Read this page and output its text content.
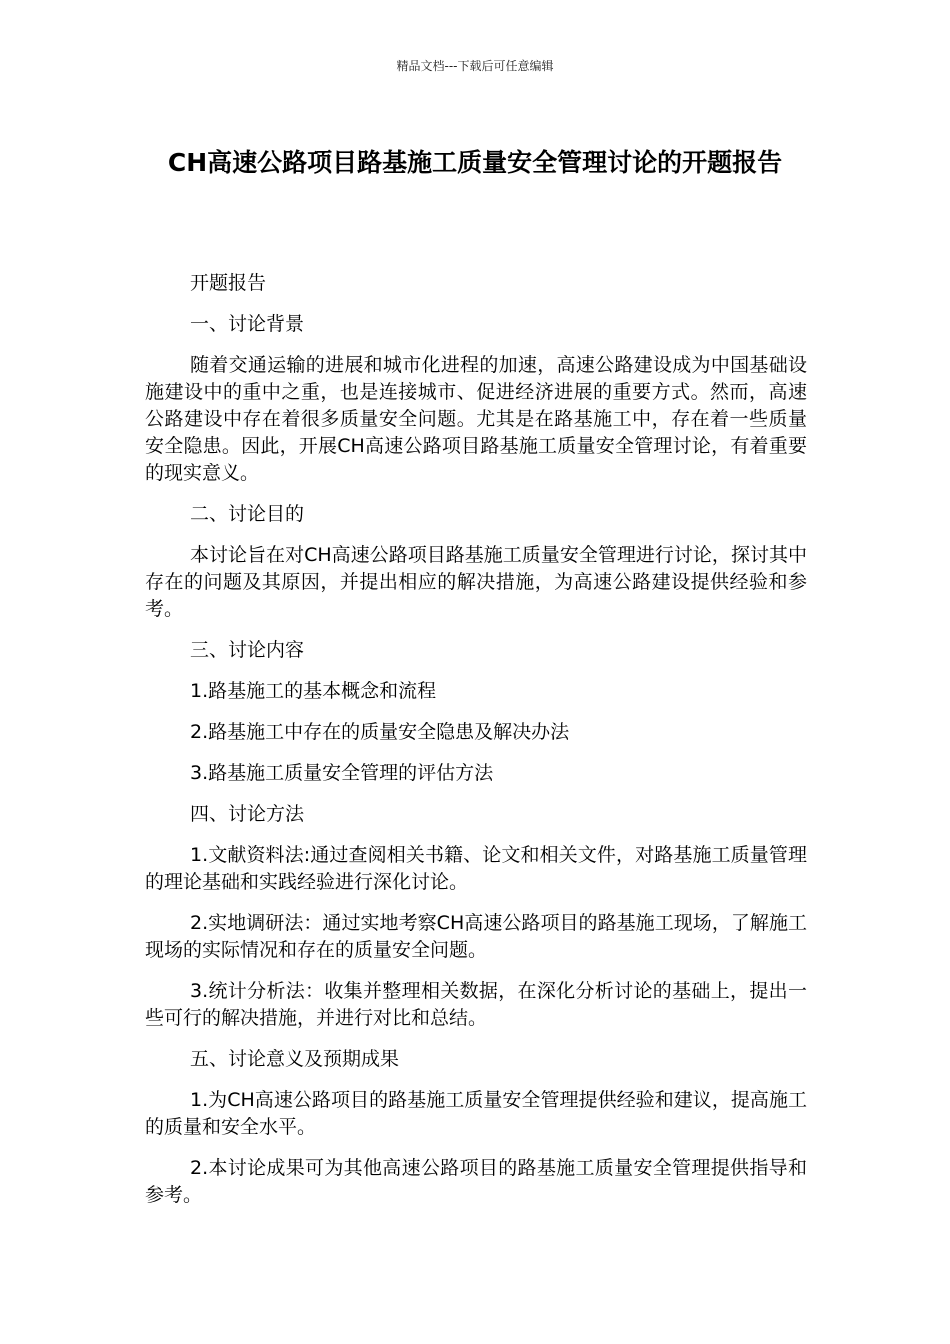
精品文档---下载后可任意编辑
CH高速公路项目路基施工质量安全管理讨论的开题报告

开题报告

一、讨论背景

随着交通运输的进展和城市化进程的加速，高速公路建设成为中国基础设施建设中的重中之重，也是连接城市、促进经济进展的重要方式。然而，高速公路建设中存在着很多质量安全问题。尤其是在路基施工中，存在着一些质量安全隐患。因此，开展CH高速公路项目路基施工质量安全管理讨论，有着重要的现实意义。

二、讨论目的

本讨论旨在对CH高速公路项目路基施工质量安全管理进行讨论，探讨其中存在的问题及其原因，并提出相应的解决措施，为高速公路建设提供经验和参考。

三、讨论内容

1.路基施工的基本概念和流程

2.路基施工中存在的质量安全隐患及解决办法

3.路基施工质量安全管理的评估方法

四、讨论方法

1.文献资料法:通过查阅相关书籍、论文和相关文件，对路基施工质量管理的理论基础和实践经验进行深化讨论。

2.实地调研法：通过实地考察CH高速公路项目的路基施工现场，了解施工现场的实际情况和存在的质量安全问题。

3.统计分析法：收集并整理相关数据，在深化分析讨论的基础上，提出一些可行的解决措施，并进行对比和总结。

五、讨论意义及预期成果

1.为CH高速公路项目的路基施工质量安全管理提供经验和建议，提高施工的质量和安全水平。

2.本讨论成果可为其他高速公路项目的路基施工质量安全管理提供指导和参考。
